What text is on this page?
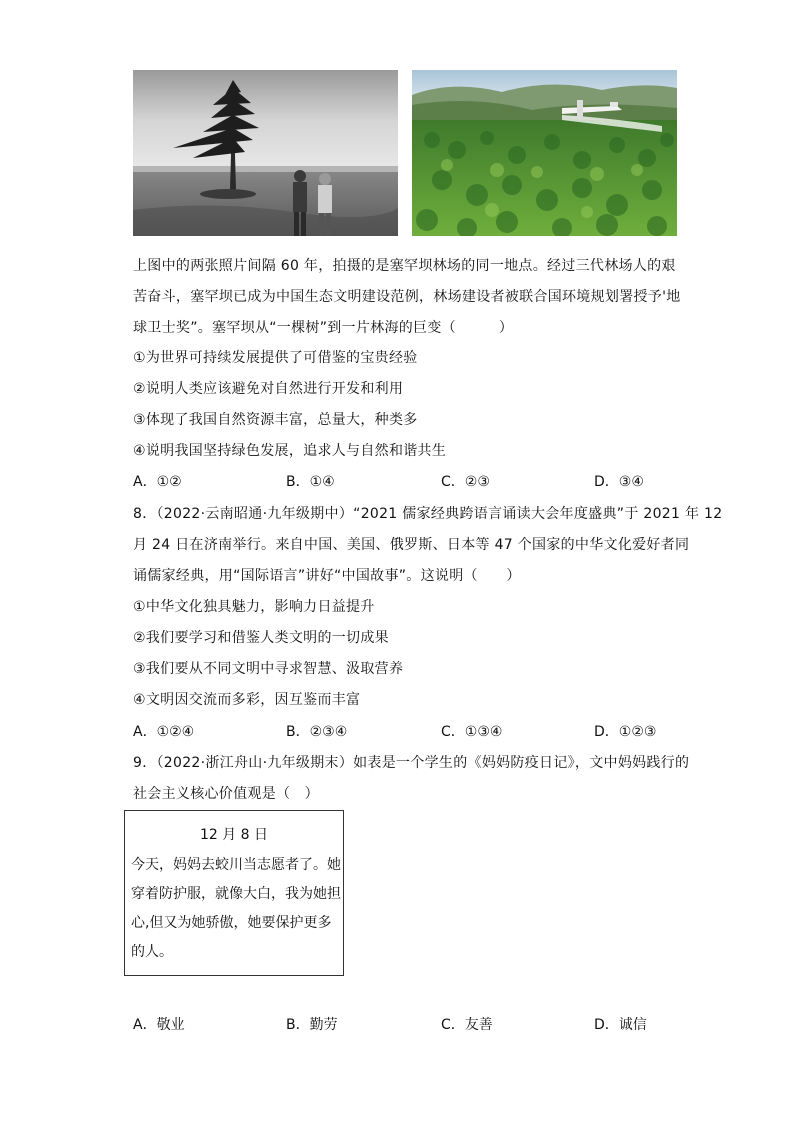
上图中的两张照片间隔 60 年，拍摄的是塞罕坝林场的同一地点。经过三代林场人的艰
苦奋斗，塞罕坝已成为中国生态文明建设范例，林场建设者被联合国环境规划署授予'地
球卫士奖”。塞罕坝从“一棵树”到一片林海的巨变（　　　）
①为世界可持续发展提供了可借鉴的宝贵经验
②说明人类应该避免对自然进行开发和利用
③体现了我国自然资源丰富，总量大，种类多
④说明我国坚持绿色发展，追求人与自然和谐共生
A．①②	B．①④	C．②③	D．③④
8．（2022·云南昭通·九年级期中）“2021 儒家经典跨语言诵读大会年度盛典”于 2021 年 12
月 24 日在济南举行。来自中国、美国、俄罗斯、日本等 47 个国家的中华文化爱好者同
诵儒家经典，用“国际语言”讲好“中国故事”。这说明（　　）
①中华文化独具魅力，影响力日益提升
②我们要学习和借鉴人类文明的一切成果
③我们要从不同文明中寻求智慧、汲取营养
④文明因交流而多彩，因互鉴而丰富
A．①②④	B．②③④	C．①③④	D．①②③
9．（2022·浙江舟山·九年级期末）如表是一个学生的《妈妈防疫日记》，文中妈妈践行的
社会主义核心价值观是（　）
12 月 8 日
今天，妈妈去蛟川当志愿者了。她
穿着防护服，就像大白，我为她担
心,但又为她骄傲，她要保护更多
的人。
A．敬业	B．勤劳	C．友善	D．诚信
